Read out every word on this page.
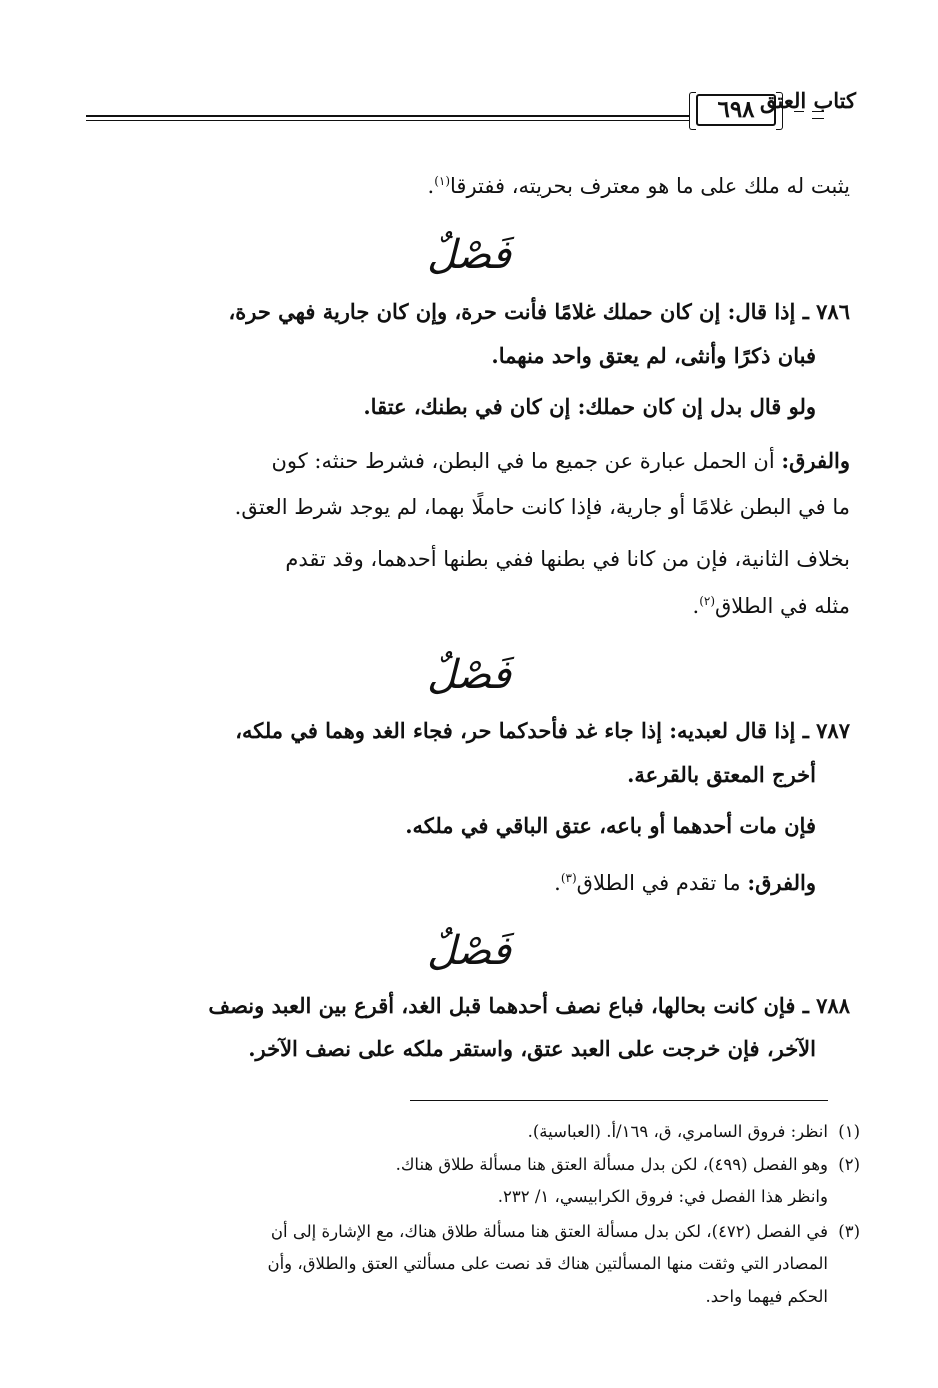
كتاب العتق
٦٩٨
يثبت له ملك على ما هو معترف بحريته، ففترقا$^{(١)}$.
فَصْلٌ
٧٨٦ ـ إذا قال: إن كان حملك غلامًا فأنت حرة، وإن كان جارية فهي حرة،
فبان ذكرًا وأنثى، لم يعتق واحد منهما.
ولو قال بدل إن كان حملك: إن كان في بطنك، عتقا.
والفرق: أن الحمل عبارة عن جميع ما في البطن، فشرط حنثه: كون
ما في البطن غلامًا أو جارية، فإذا كانت حاملًا بهما، لم يوجد شرط العتق.
بخلاف الثانية، فإن من كانا في بطنها ففي بطنها أحدهما، وقد تقدم
مثله في الطلاق$^{(٢)}$.
فَصْلٌ
٧٨٧ ـ إذا قال لعبديه: إذا جاء غد فأحدكما حر، فجاء الغد وهما في ملكه،
أخرج المعتق بالقرعة.
فإن مات أحدهما أو باعه، عتق الباقي في ملكه.
والفرق: ما تقدم في الطلاق$^{(٣)}$.
فَصْلٌ
٧٨٨ ـ فإن كانت بحالها، فباع نصف أحدهما قبل الغد، أقرع بين العبد ونصف
الآخر، فإن خرجت على العبد عتق، واستقر ملكه على نصف الآخر.
(١)
انظر: فروق السامري، ق، ١٦٩/أ. (العباسية).
(٢)
وهو الفصل (٤٩٩)، لكن بدل مسألة العتق هنا مسألة طلاق هناك.
وانظر هذا الفصل في: فروق الكرابيسي، ١/ ٢٣٢.
(٣)
في الفصل (٤٧٢)، لكن بدل مسألة العتق هنا مسألة طلاق هناك، مع الإشارة إلى أن
المصادر التي وثقت منها المسألتين هناك قد نصت على مسألتي العتق والطلاق، وأن
الحكم فيهما واحد.
